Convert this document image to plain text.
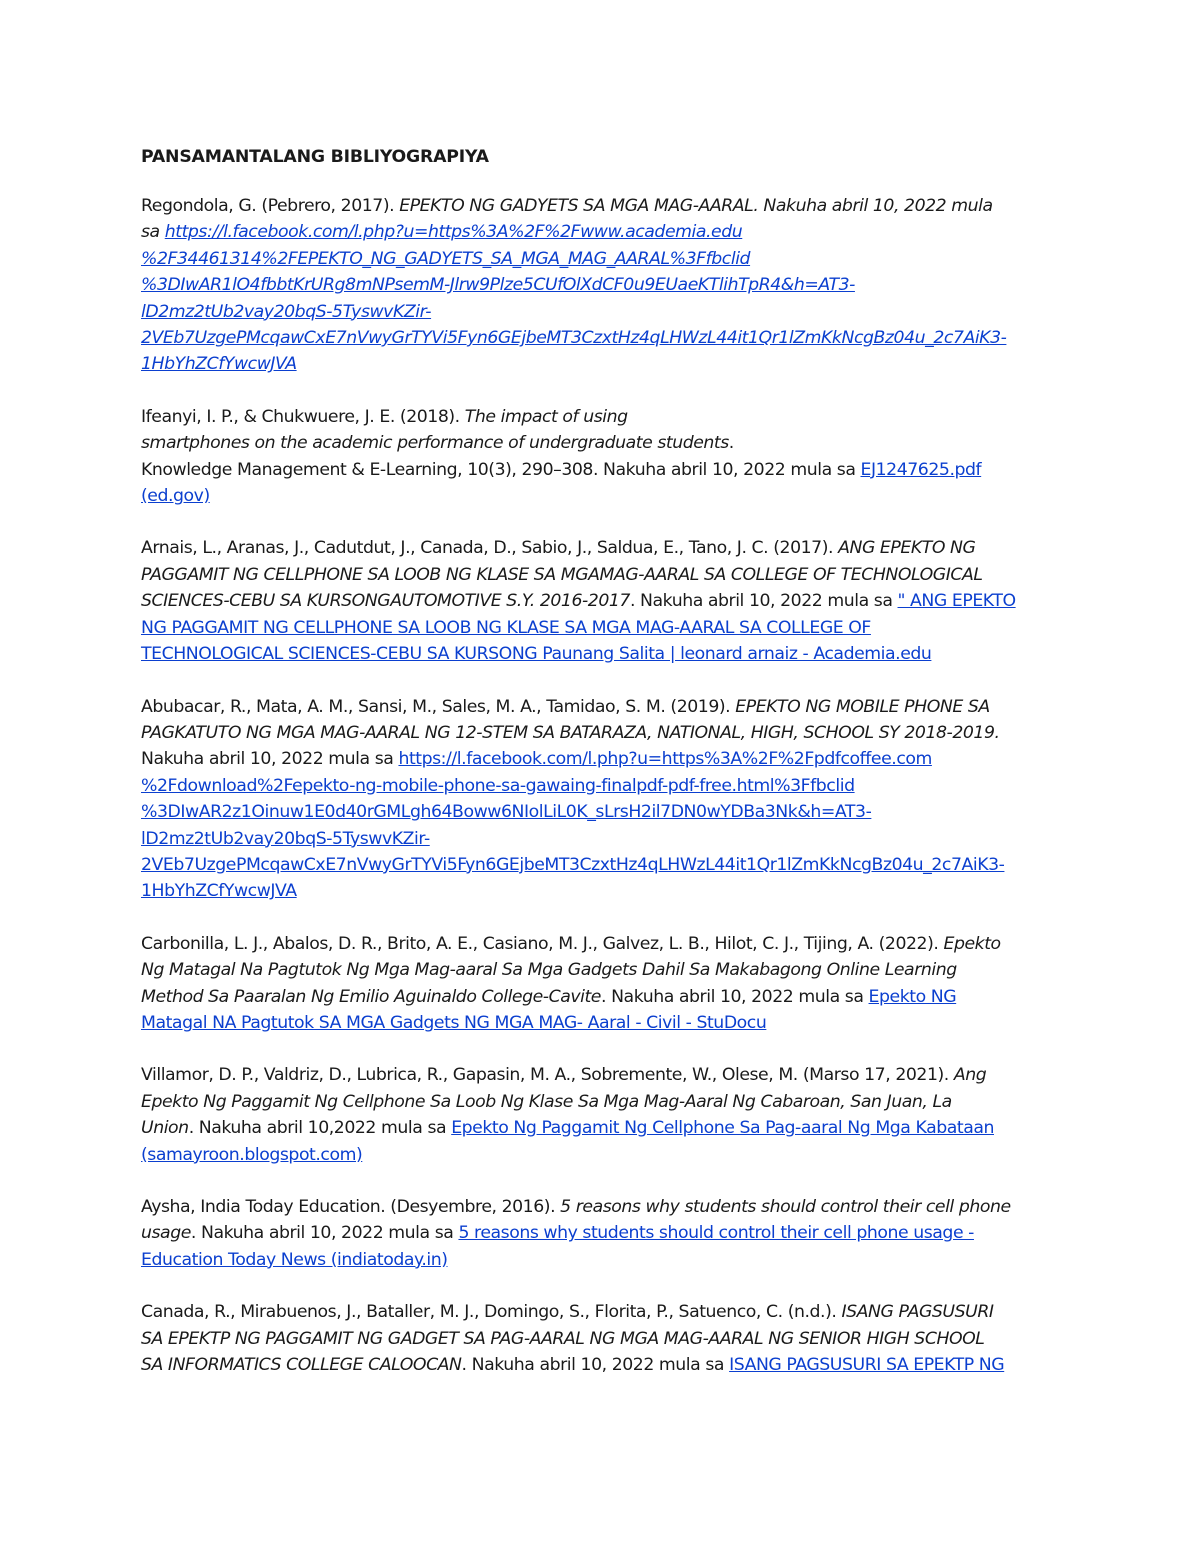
PANSAMANTALANG BIBLIYOGRAPIYA
Regondola, G. (Pebrero, 2017). EPEKTO NG GADYETS SA MGA MAG-AARAL. Nakuha abril 10, 2022 mula
sa https://l.facebook.com/l.php?u=https%3A%2F%2Fwww.academia.edu
%2F34461314%2FEPEKTO_NG_GADYETS_SA_MGA_MAG_AARAL%3Ffbclid
%3DIwAR1lO4fbbtKrURg8mNPsemM-Jlrw9Plze5CUfOlXdCF0u9EUaeKTlihTpR4&h=AT3-
lD2mz2tUb2vay20bqS-5TyswvKZir-
2VEb7UzgePMcqawCxE7nVwyGrTYVi5Fyn6GEjbeMT3CzxtHz4qLHWzL44it1Qr1lZmKkNcgBz04u_2c7AiK3-
1HbYhZCfYwcwJVA
Ifeanyi, I. P., & Chukwuere, J. E. (2018). The impact of using
smartphones on the academic performance of undergraduate students.
Knowledge Management & E-Learning, 10(3), 290–308. Nakuha abril 10, 2022 mula sa EJ1247625.pdf
(ed.gov)
Arnais, L., Aranas, J., Cadutdut, J., Canada, D., Sabio, J., Saldua, E., Tano, J. C. (2017). ANG EPEKTO NG
PAGGAMIT NG CELLPHONE SA LOOB NG KLASE SA MGAMAG-AARAL SA COLLEGE OF TECHNOLOGICAL
SCIENCES-CEBU SA KURSONGAUTOMOTIVE S.Y. 2016-2017. Nakuha abril 10, 2022 mula sa " ANG EPEKTO
NG PAGGAMIT NG CELLPHONE SA LOOB NG KLASE SA MGA MAG-AARAL SA COLLEGE OF
TECHNOLOGICAL SCIENCES-CEBU SA KURSONG Paunang Salita | leonard arnaiz - Academia.edu
Abubacar, R., Mata, A. M., Sansi, M., Sales, M. A., Tamidao, S. M. (2019). EPEKTO NG MOBILE PHONE SA
PAGKATUTO NG MGA MAG-AARAL NG 12-STEM SA BATARAZA, NATIONAL, HIGH, SCHOOL SY 2018-2019.
Nakuha abril 10, 2022 mula sa https://l.facebook.com/l.php?u=https%3A%2F%2Fpdfcoffee.com
%2Fdownload%2Fepekto-ng-mobile-phone-sa-gawaing-finalpdf-pdf-free.html%3Ffbclid
%3DIwAR2z1Oinuw1E0d40rGMLgh64Boww6NIolLiL0K_sLrsH2il7DN0wYDBa3Nk&h=AT3-
lD2mz2tUb2vay20bqS-5TyswvKZir-
2VEb7UzgePMcqawCxE7nVwyGrTYVi5Fyn6GEjbeMT3CzxtHz4qLHWzL44it1Qr1lZmKkNcgBz04u_2c7AiK3-
1HbYhZCfYwcwJVA
Carbonilla, L. J., Abalos, D. R., Brito, A. E., Casiano, M. J., Galvez, L. B., Hilot, C. J., Tijing, A. (2022). Epekto
Ng Matagal Na Pagtutok Ng Mga Mag-aaral Sa Mga Gadgets Dahil Sa Makabagong Online Learning
Method Sa Paaralan Ng Emilio Aguinaldo College-Cavite. Nakuha abril 10, 2022 mula sa Epekto NG
Matagal NA Pagtutok SA MGA Gadgets NG MGA MAG- Aaral - Civil - StuDocu
Villamor, D. P., Valdriz, D., Lubrica, R., Gapasin, M. A., Sobremente, W., Olese, M. (Marso 17, 2021). Ang
Epekto Ng Paggamit Ng Cellphone Sa Loob Ng Klase Sa Mga Mag-Aaral Ng Cabaroan, San Juan, La
Union. Nakuha abril 10,2022 mula sa Epekto Ng Paggamit Ng Cellphone Sa Pag-aaral Ng Mga Kabataan
(samayroon.blogspot.com)
Aysha, India Today Education. (Desyembre, 2016). 5 reasons why students should control their cell phone
usage. Nakuha abril 10, 2022 mula sa 5 reasons why students should control their cell phone usage -
Education Today News (indiatoday.in)
Canada, R., Mirabuenos, J., Bataller, M. J., Domingo, S., Florita, P., Satuenco, C. (n.d.). ISANG PAGSUSURI
SA EPEKTP NG PAGGAMIT NG GADGET SA PAG-AARAL NG MGA MAG-AARAL NG SENIOR HIGH SCHOOL
SA INFORMATICS COLLEGE CALOOCAN. Nakuha abril 10, 2022 mula sa ISANG PAGSUSURI SA EPEKTP NG
